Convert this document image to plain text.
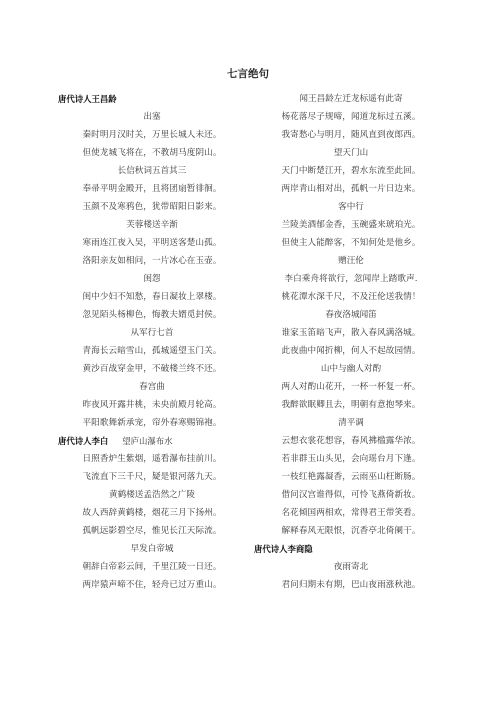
七言绝句
唐代诗人王昌龄
出塞
秦时明月汉时关，万里长城人未还。
但使龙城飞将在，不教胡马度阴山。
长信秋词五首其三
奉帚平明金殿开，且将团扇暂徘徊。
玉颜不及寒鸦色，犹带昭阳日影来。
芙蓉楼送辛渐
寒雨连江夜入吴，平明送客楚山孤。
洛阳亲友如相问，一片冰心在玉壶。
闺怨
闺中少妇不知愁，春日凝妆上翠楼。
忽见陌头杨柳色，悔教夫婿觅封侯。
从军行七首
青海长云暗雪山，孤城遥望玉门关。
黄沙百战穿金甲，不破楼兰终不还。
春宫曲
昨夜风开露井桃，未央前殿月轮高。
平阳歌舞新承宠，帘外春寒赐锦袍。
唐代诗人李白 望庐山瀑布水
日照香炉生紫烟，遥看瀑布挂前川。
飞流直下三千尺，疑是银河落九天。
黄鹤楼送孟浩然之广陵
故人西辞黄鹤楼，烟花三月下扬州。
孤帆远影碧空尽，惟见长江天际流。
早发白帝城
朝辞白帝彩云间，千里江陵一日还。
两岸猿声啼不住，轻舟已过万重山。
闻王昌龄左迁龙标遥有此寄
杨花落尽子规啼，闻道龙标过五溪。
我寄愁心与明月，随风直到夜郎西。
望天门山
天门中断楚江开，碧水东流至此回。
两岸青山相对出，孤帆一片日边来。
客中行
兰陵美酒郁金香，玉碗盛来琥珀光。
但使主人能醉客，不知何处是他乡。
赠汪伦
李白乘舟将欲行，忽闻岸上踏歌声.
桃花潭水深千尺，不及汪伦送我情！
春夜洛城闻笛
谁家玉笛暗飞声，散入春风满洛城。
此夜曲中闻折柳，何人不起故园情。
山中与幽人对酌
两人对酌山花开，一杯一杯复一杯。
我醉欲眠卿且去，明朝有意抱琴来。
清平调
云想衣裳花想容，春风拂槛露华浓。
若非群玉山头见，会向瑶台月下逢。
一枝红艳露凝香，云雨巫山枉断肠。
借问汉宫谁得似，可怜飞燕倚新妆。
名花倾国两相欢，常得君王带笑看。
解释春风无限恨，沉香亭北倚阑干。
唐代诗人李商隐
夜雨寄北
君问归期未有期，巴山夜雨涨秋池。
